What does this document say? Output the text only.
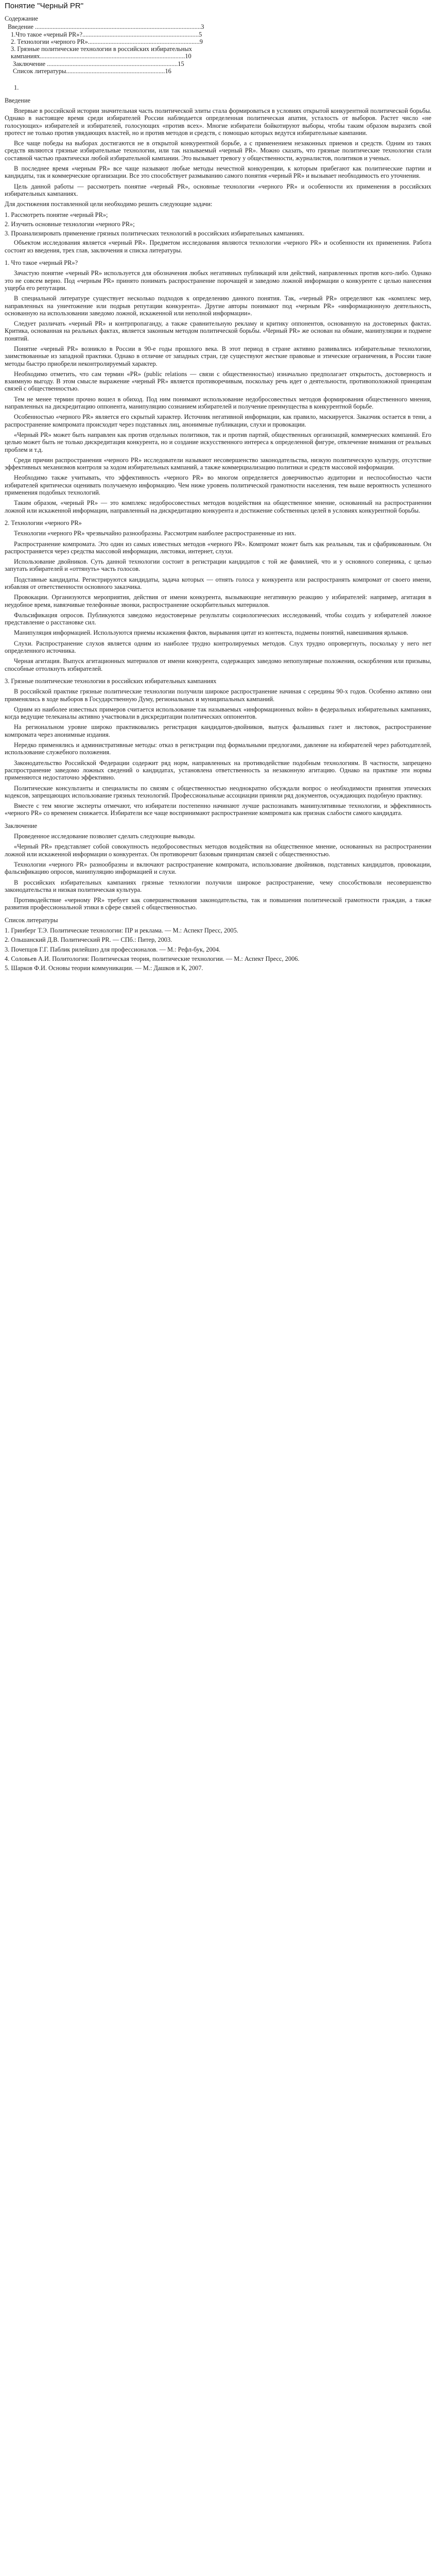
Понятие "Черный PR"
Содержание
Введение ........................................................................................................3
1.Что такое «черный PR»?.........................................................................5
2. Технологии «черного PR»......................................................................9
3. Грязные политические технологии в российских избирательных
кампаниях...........................................................................................10
Заключение ..................................................................................15
Список литературы..............................................................16
1.
Введение

Впервые в российской истории значительная часть политической элиты стала формироваться в условиях открытой конкурентной политической борьбы. Однако в настоящее время среди избирателей России наблюдается определенная политическая апатия, усталость от выборов. Растет число «не голосующих» избирателей и избирателей, голосующих «против всех». Многие избиратели бойкотируют выборы, чтобы таким образом выразить свой протест не только против увядающих властей, но и против методов и средств, с помощью которых ведутся избирательные кампании.

Все чаще победы на выборах достигаются не в открытой конкурентной борьбе, а с применением незаконных приемов и средств. Одним из таких средств являются грязные избирательные технологии, или так называемый «черный PR». Можно сказать, что грязные политические технологии стали составной частью практически любой избирательной кампании. Это вызывает тревогу у общественности, журналистов, политиков и ученых.

В последнее время «черным PR» все чаще называют любые методы нечестной конкуренции, к которым прибегают как политические партии и кандидаты, так и коммерческие организации. Все это способствует размыванию самого понятия «черный PR» и вызывает необходимость его уточнения.

Цель данной работы — рассмотреть понятие «черный PR», основные технологии «черного PR» и особенности их применения в российских избирательных кампаниях.

Для достижения поставленной цели необходимо решить следующие задачи:

1. Рассмотреть понятие «черный PR»;
2. Изучить основные технологии «черного PR»;
3. Проанализировать применение грязных политических технологий в российских избирательных кампаниях.

Объектом исследования является «черный PR». Предметом исследования являются технологии «черного PR» и особенности их применения. Работа состоит из введения, трех глав, заключения и списка литературы.

1. Что такое «черный PR»?

Зачастую понятие «черный PR» используется для обозначения любых негативных публикаций или действий, направленных против кого-либо. Однако это не совсем верно. Под «черным PR» принято понимать распространение порочащей и заведомо ложной информации о конкуренте с целью нанесения ущерба его репутации.

В специальной литературе существует несколько подходов к определению данного понятия. Так, «черный PR» определяют как «комплекс мер, направленных на уничтожение или подрыв репутации конкурента». Другие авторы понимают под «черным PR» «информационную деятельность, основанную на использовании заведомо ложной, искаженной или неполной информации».

Следует различать «черный PR» и контрпропаганду, а также сравнительную рекламу и критику оппонентов, основанную на достоверных фактах. Критика, основанная на реальных фактах, является законным методом политической борьбы. «Черный PR» же основан на обмане, манипуляции и подмене понятий.

Понятие «черный PR» возникло в России в 90-е годы прошлого века. В этот период в стране активно развивались избирательные технологии, заимствованные из западной практики. Однако в отличие от западных стран, где существуют жесткие правовые и этические ограничения, в России такие методы быстро приобрели неконтролируемый характер.

Необходимо отметить, что сам термин «PR» (public relations — связи с общественностью) изначально предполагает открытость, достоверность и взаимную выгоду. В этом смысле выражение «черный PR» является противоречивым, поскольку речь идет о деятельности, противоположной принципам связей с общественностью.

Тем не менее термин прочно вошел в обиход. Под ним понимают использование недобросовестных методов формирования общественного мнения, направленных на дискредитацию оппонента, манипуляцию сознанием избирателей и получение преимущества в конкурентной борьбе.

Особенностью «черного PR» является его скрытый характер. Источник негативной информации, как правило, маскируется. Заказчик остается в тени, а распространение компромата происходит через подставных лиц, анонимные публикации, слухи и провокации.

«Черный PR» может быть направлен как против отдельных политиков, так и против партий, общественных организаций, коммерческих компаний. Его целью может быть не только дискредитация конкурента, но и создание искусственного интереса к определенной фигуре, отвлечение внимания от реальных проблем и т.д.

Среди причин распространения «черного PR» исследователи называют несовершенство законодательства, низкую политическую культуру, отсутствие эффективных механизмов контроля за ходом избирательных кампаний, а также коммерциализацию политики и средств массовой информации.

Необходимо также учитывать, что эффективность «черного PR» во многом определяется доверчивостью аудитории и неспособностью части избирателей критически оценивать получаемую информацию. Чем ниже уровень политической грамотности населения, тем выше вероятность успешного применения подобных технологий.

Таким образом, «черный PR» — это комплекс недобросовестных методов воздействия на общественное мнение, основанный на распространении ложной или искаженной информации, направленный на дискредитацию конкурента и достижение собственных целей в условиях конкурентной борьбы.

2. Технологии «черного PR»

Технологии «черного PR» чрезвычайно разнообразны. Рассмотрим наиболее распространенные из них.

Распространение компромата. Это один из самых известных методов «черного PR». Компромат может быть как реальным, так и сфабрикованным. Он распространяется через средства массовой информации, листовки, интернет, слухи.

Использование двойников. Суть данной технологии состоит в регистрации кандидатов с той же фамилией, что и у основного соперника, с целью запутать избирателей и «оттянуть» часть голосов.

Подставные кандидаты. Регистрируются кандидаты, задача которых — отнять голоса у конкурента или распространять компромат от своего имени, избавляя от ответственности основного заказчика.

Провокации. Организуются мероприятия, действия от имени конкурента, вызывающие негативную реакцию у избирателей: например, агитация в неудобное время, навязчивые телефонные звонки, распространение оскорбительных материалов.

Фальсификация опросов. Публикуются заведомо недостоверные результаты социологических исследований, чтобы создать у избирателей ложное представление о расстановке сил.

Манипуляция информацией. Используются приемы искажения фактов, вырывания цитат из контекста, подмены понятий, навешивания ярлыков.

Слухи. Распространение слухов является одним из наиболее трудно контролируемых методов. Слух трудно опровергнуть, поскольку у него нет определенного источника.

Черная агитация. Выпуск агитационных материалов от имени конкурента, содержащих заведомо непопулярные положения, оскорбления или призывы, способные оттолкнуть избирателей.

3. Грязные политические технологии в российских избирательных кампаниях

В российской практике грязные политические технологии получили широкое распространение начиная с середины 90-х годов. Особенно активно они применялись в ходе выборов в Государственную Думу, региональных и муниципальных кампаний.

Одним из наиболее известных примеров считается использование так называемых «информационных войн» в федеральных избирательных кампаниях, когда ведущие телеканалы активно участвовали в дискредитации политических оппонентов.

На региональном уровне широко практиковались регистрация кандидатов-двойников, выпуск фальшивых газет и листовок, распространение компромата через анонимные издания.

Нередко применялись и административные методы: отказ в регистрации под формальными предлогами, давление на избирателей через работодателей, использование служебного положения.

Законодательство Российской Федерации содержит ряд норм, направленных на противодействие подобным технологиям. В частности, запрещено распространение заведомо ложных сведений о кандидатах, установлена ответственность за незаконную агитацию. Однако на практике эти нормы применяются недостаточно эффективно.

Политические консультанты и специалисты по связям с общественностью неоднократно обсуждали вопрос о необходимости принятия этических кодексов, запрещающих использование грязных технологий. Профессиональные ассоциации приняли ряд документов, осуждающих подобную практику.

Вместе с тем многие эксперты отмечают, что избиратели постепенно начинают лучше распознавать манипулятивные технологии, и эффективность «черного PR» со временем снижается. Избиратели все чаще воспринимают распространение компромата как признак слабости самого кандидата.

Заключение

Проведенное исследование позволяет сделать следующие выводы.

«Черный PR» представляет собой совокупность недобросовестных методов воздействия на общественное мнение, основанных на распространении ложной или искаженной информации о конкурентах. Он противоречит базовым принципам связей с общественностью.

Технологии «черного PR» разнообразны и включают распространение компромата, использование двойников, подставных кандидатов, провокации, фальсификацию опросов, манипуляцию информацией и слухи.

В российских избирательных кампаниях грязные технологии получили широкое распространение, чему способствовали несовершенство законодательства и низкая политическая культура.

Противодействие «черному PR» требует как совершенствования законодательства, так и повышения политической грамотности граждан, а также развития профессиональной этики в сфере связей с общественностью.

Список литературы
1. Гринберг Т.Э. Политические технологии: ПР и реклама. — М.: Аспект Пресс, 2005.
2. Ольшанский Д.В. Политический PR. — СПб.: Питер, 2003.
3. Почепцов Г.Г. Паблик рилейшнз для профессионалов. — М.: Рефл-бук, 2004.
4. Соловьев А.И. Политология: Политическая теория, политические технологии. — М.: Аспект Пресс, 2006.
5. Шарков Ф.И. Основы теории коммуникации. — М.: Дашков и К, 2007.
